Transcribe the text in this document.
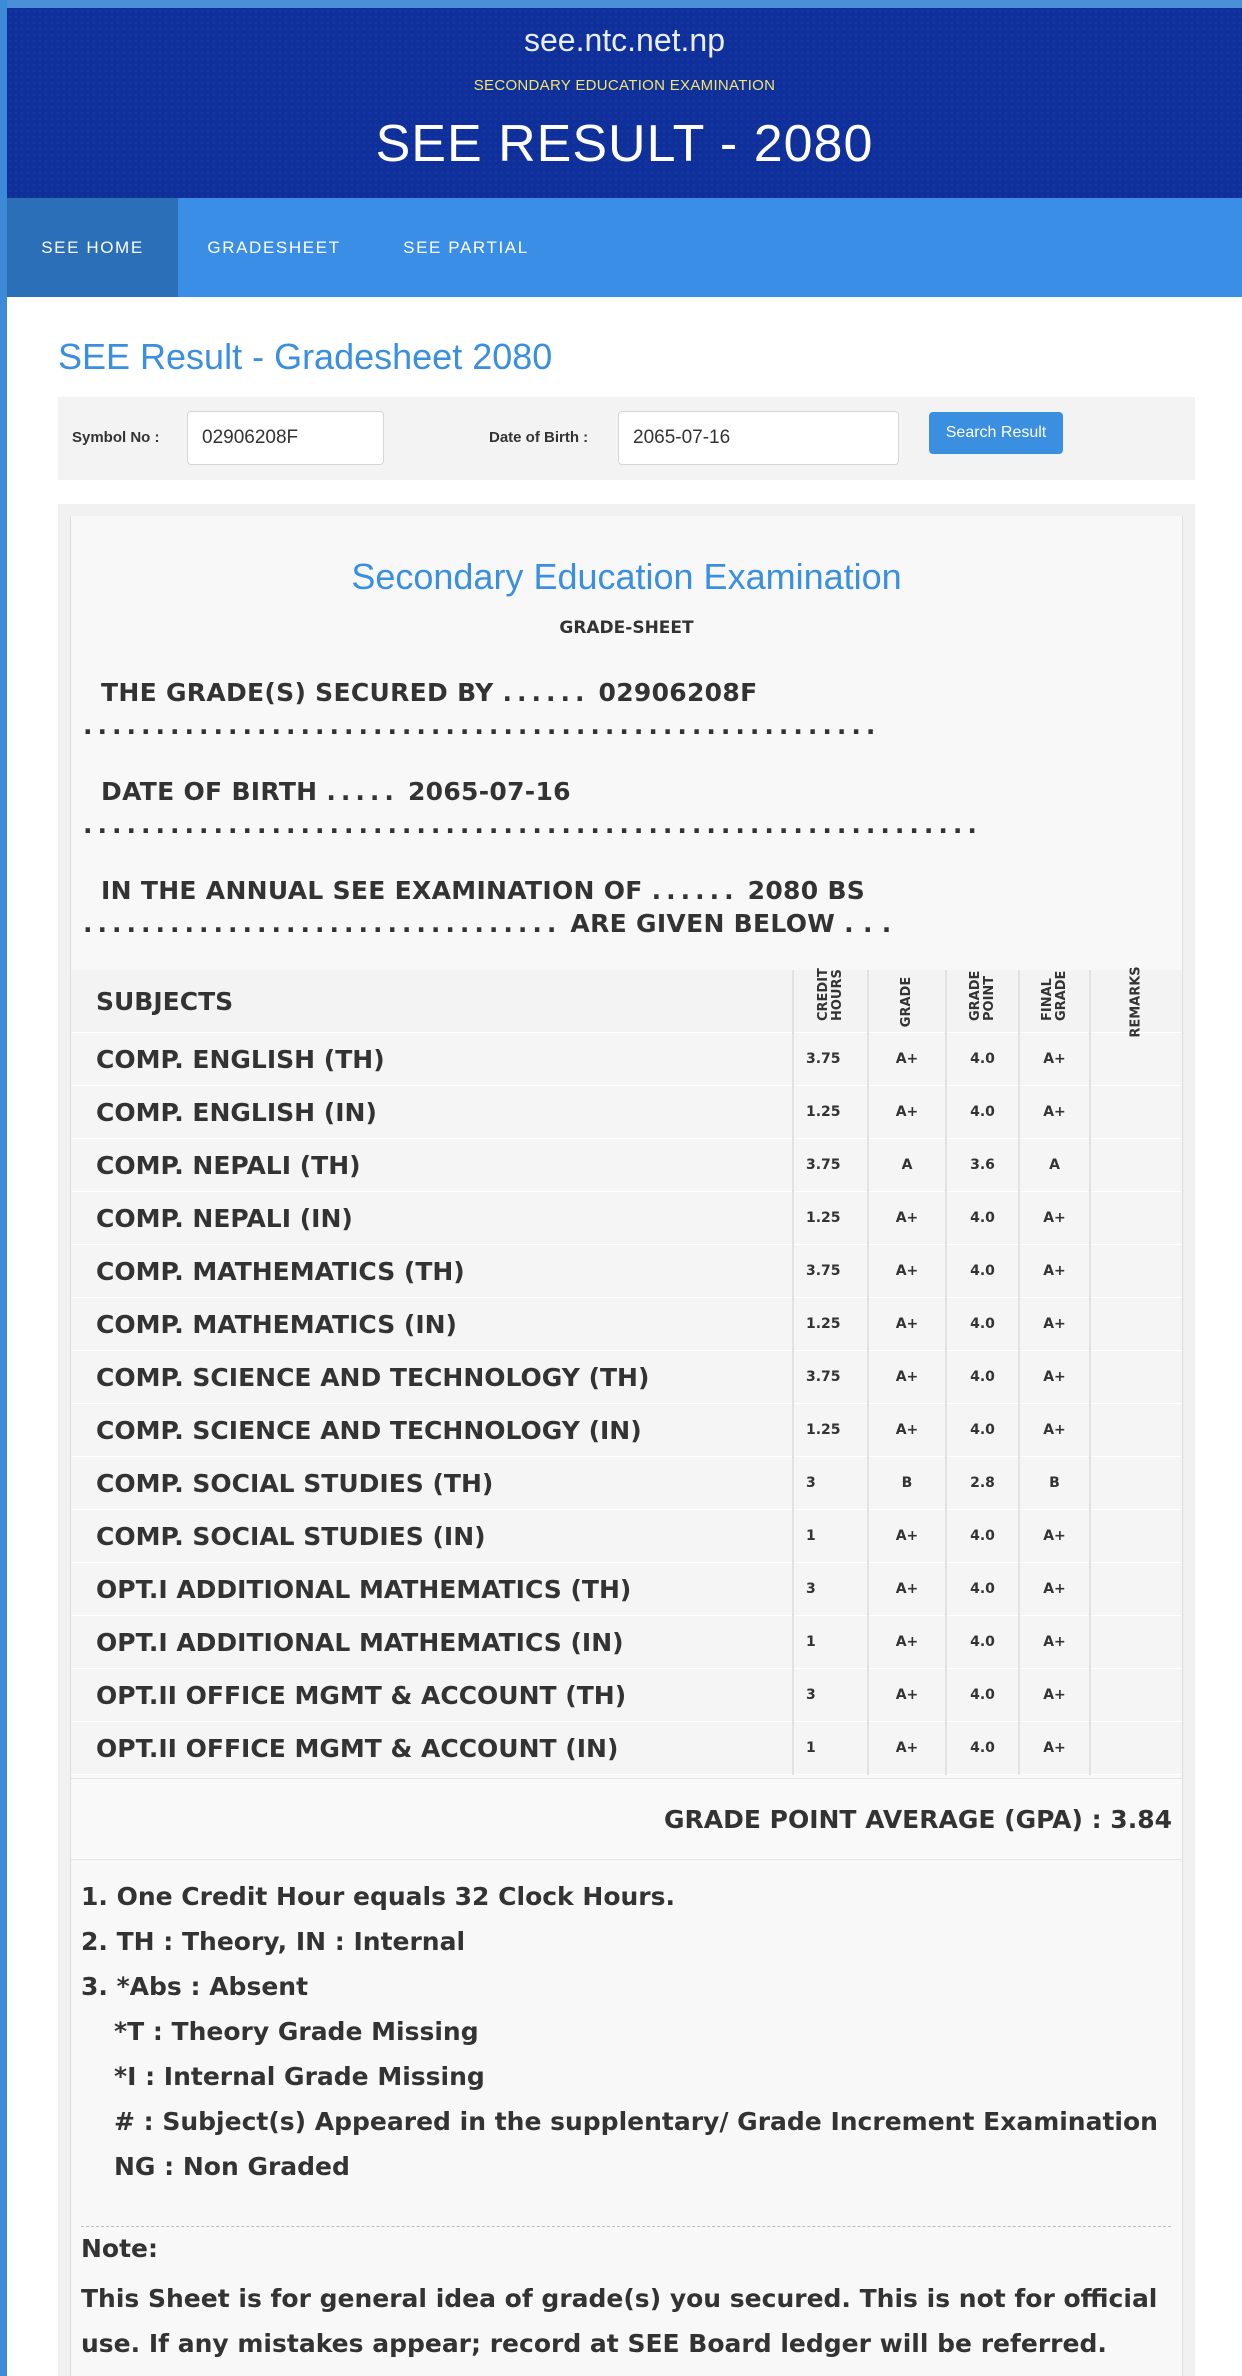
see.ntc.net.np
SECONDARY EDUCATION EXAMINATION
SEE RESULT - 2080
SEE HOME	GRADESHEET	SEE PARTIAL
SEE Result - Gradesheet 2080
Symbol No :
02906208F	Date of Birth :
2065-07-16	Search Result
Secondary Education Examination
GRADE-SHEET
THE GRADE(S) SECURED BY ...... 02906208F .......................................................
DATE OF BIRTH ..... 2065-07-16 ..............................................................
IN THE ANNUAL SEE EXAMINATION OF ...... 2080 BS ................................. ARE GIVEN BELOW . . .
SUBJECTS	CREDIT HOURS	GRADE	GRADE POINT	FINAL GRADE	REMARKS
COMP. ENGLISH (TH)	3.75	A+	4.0	A+	
COMP. ENGLISH (IN)	1.25	A+	4.0	A+	
COMP. NEPALI (TH)	3.75	A	3.6	A	
COMP. NEPALI (IN)	1.25	A+	4.0	A+	
COMP. MATHEMATICS (TH)	3.75	A+	4.0	A+	
COMP. MATHEMATICS (IN)	1.25	A+	4.0	A+	
COMP. SCIENCE AND TECHNOLOGY (TH)	3.75	A+	4.0	A+	
COMP. SCIENCE AND TECHNOLOGY (IN)	1.25	A+	4.0	A+	
COMP. SOCIAL STUDIES (TH)	3	B	2.8	B	
COMP. SOCIAL STUDIES (IN)	1	A+	4.0	A+	
OPT.I ADDITIONAL MATHEMATICS (TH)	3	A+	4.0	A+	
OPT.I ADDITIONAL MATHEMATICS (IN)	1	A+	4.0	A+	
OPT.II OFFICE MGMT & ACCOUNT (TH)	3	A+	4.0	A+	
OPT.II OFFICE MGMT & ACCOUNT (IN)	1	A+	4.0	A+	
GRADE POINT AVERAGE (GPA) : 3.84
1. One Credit Hour equals 32 Clock Hours.
2. TH : Theory, IN : Internal
3. *Abs : Absent
*T : Theory Grade Missing
*I : Internal Grade Missing
# : Subject(s) Appeared in the supplentary/ Grade Increment Examination
NG : Non Graded
Note:
This Sheet is for general idea of grade(s) you secured. This is not for official use. If any mistakes appear; record at SEE Board ledger will be referred.
